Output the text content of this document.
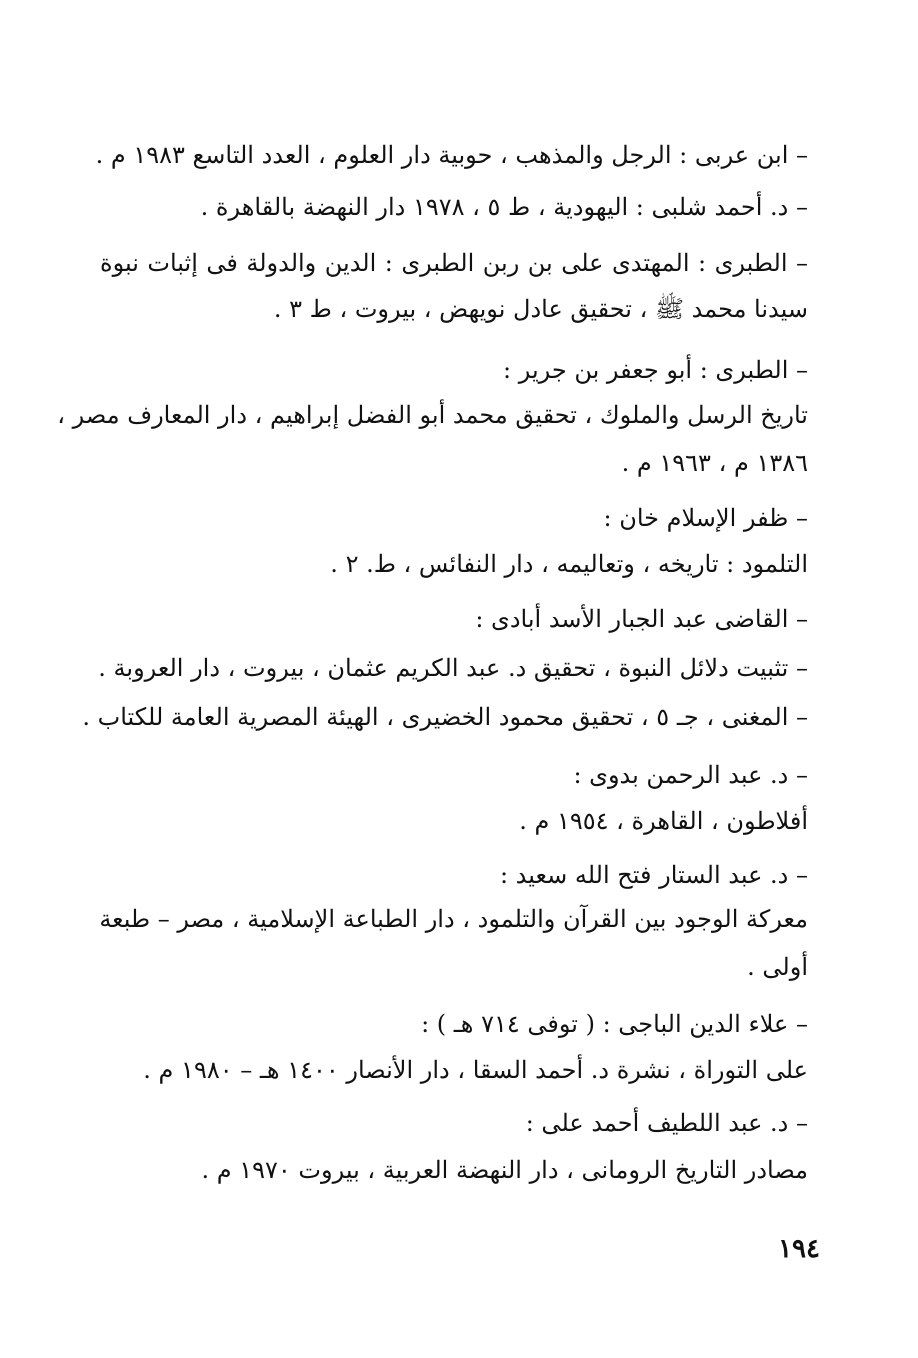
– ابن عربى : الرجل والمذهب ، حوبية دار العلوم ، العدد التاسع ١٩٨٣ م .
– د. أحمد شلبى : اليهودية ، ط ٥ ، ١٩٧٨ دار النهضة بالقاهرة .
– الطبرى : المهتدى على بن ربن الطبرى : الدين والدولة فى إثبات نبوة
سيدنا محمد ﷺ ، تحقيق عادل نويهض ، بيروت ، ط ٣ .
– الطبرى : أبو جعفر بن جرير :
تاريخ الرسل والملوك ، تحقيق محمد أبو الفضل إبراهيم ، دار المعارف مصر ،
١٣٨٦ م ، ١٩٦٣ م .
– ظفر الإسلام خان :
التلمود : تاريخه ، وتعاليمه ، دار النفائس ، ط. ٢ .
– القاضى عبد الجبار الأسد أبادى :
– تثبيت دلائل النبوة ، تحقيق د. عبد الكريم عثمان ، بيروت ، دار العروبة .
– المغنى ، جـ ٥ ، تحقيق محمود الخضيرى ، الهيئة المصرية العامة للكتاب .
– د. عبد الرحمن بدوى :
أفلاطون ، القاهرة ، ١٩٥٤ م .
– د. عبد الستار فتح الله سعيد :
معركة الوجود بين القرآن والتلمود ، دار الطباعة الإسلامية ، مصر – طبعة
أولى .
– علاء الدين الباجى : ( توفى ٧١٤ هـ ) :
على التوراة ، نشرة د. أحمد السقا ، دار الأنصار ١٤٠٠ هـ – ١٩٨٠ م .
– د. عبد اللطيف أحمد على :
مصادر التاريخ الرومانى ، دار النهضة العربية ، بيروت ١٩٧٠ م .
١٩٤
